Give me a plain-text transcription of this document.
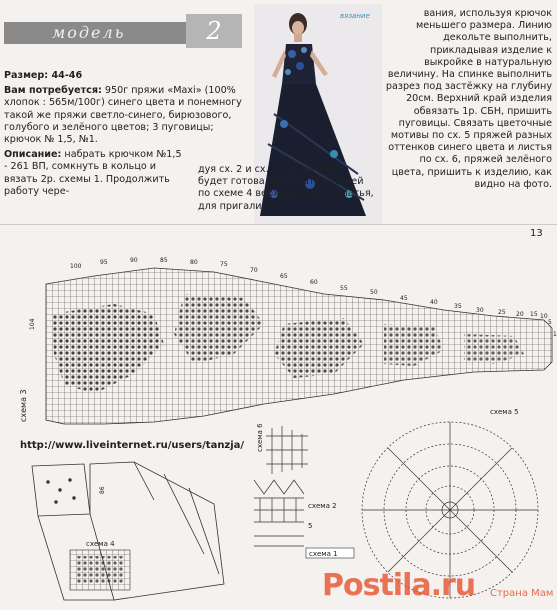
модель	2

Размер: 44-46

Вам потребуется: 950г пряжи «Maxi» (100% хлопок : 565м/100г) синего цвета и понемногу такой же пряжи светло-синего, бирюзового, голубого и зелёного цветов; 3 пуговицы; крючок № 1,5, №1.

Описание: набрать крючком №1,5 - 261 ВП, сомкнуть в кольцо и вязать 2р. схемы 1. Продолжить работу чере-

вязание
дуя сх. 2 и сх. 3. Когда юбка будет готова надвязать над ней по схеме 4 верхнюю часть платья, для пригали-
вания, используя крючок меньшего размера. Линию декольте выполнить, прикладывая изделие к выкройке в натуральную величину. На спинке выполнить разрез под застёжку на глубину 20см. Верхний край изделия обвязать 1р. СБН, пришить пуговицы. Связать цветочные мотивы по сх. 5 пряжей разных оттенков синего цвета и листья по сх. 6, пряжей зелёного цвета, пришить к изделию, как видно на фото.
13
100
95	90	85	80	75
70
65
60
55
50
45
40
35
30 25 20 15 10
5
1
104
схема 3
86
схема 4
схема 6
схема 2
5
схема 1
схема 5
http://www.liveinternet.ru/users/tanzja/
Postila.ru Страна Мам
